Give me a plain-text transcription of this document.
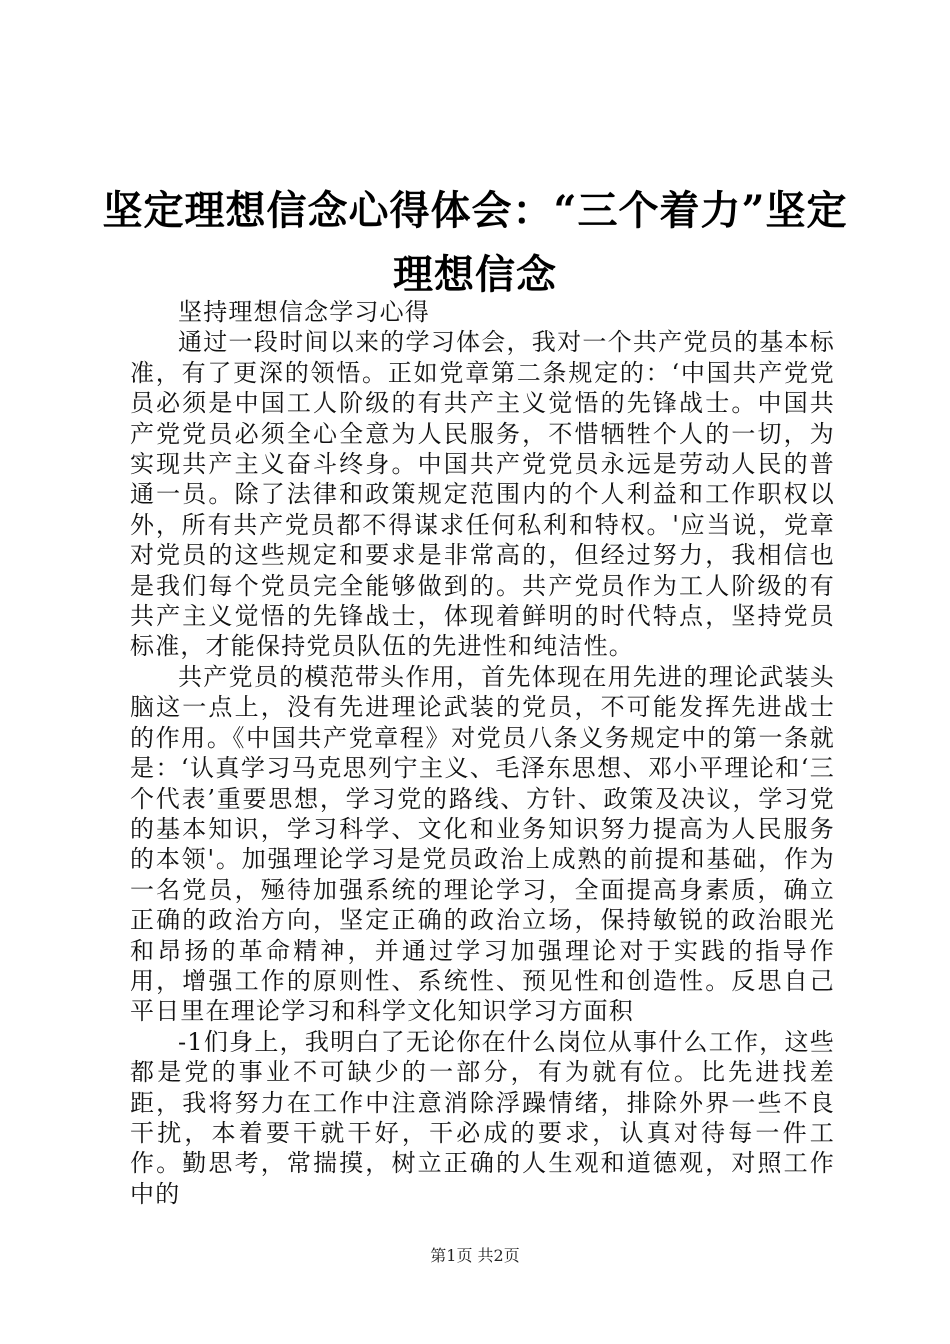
坚定理想信念心得体会：“三个着力”坚定理想信念

坚持理想信念学习心得

通过一段时间以来的学习体会，我对一个共产党员的基本标准，有了更深的领悟。正如党章第二条规定的：‘中国共产党党员必须是中国工人阶级的有共产主义觉悟的先锋战士。中国共产党党员必须全心全意为人民服务，不惜牺牲个人的一切，为实现共产主义奋斗终身。中国共产党党员永远是劳动人民的普通一员。除了法律和政策规定范围内的个人利益和工作职权以外，所有共产党员都不得谋求任何私利和特权。'应当说，党章对党员的这些规定和要求是非常高的，但经过努力，我相信也是我们每个党员完全能够做到的。共产党员作为工人阶级的有共产主义觉悟的先锋战士，体现着鲜明的时代特点，坚持党员标准，才能保持党员队伍的先进性和纯洁性。

共产党员的模范带头作用，首先体现在用先进的理论武装头脑这一点上，没有先进理论武装的党员，不可能发挥先进战士的作用。《中国共产党章程》对党员八条义务规定中的第一条就是：‘认真学习马克思列宁主义、毛泽东思想、邓小平理论和‘三个代表’重要思想，学习党的路线、方针、政策及决议，学习党的基本知识，学习科学、文化和业务知识努力提高为人民服务的本领'。加强理论学习是党员政治上成熟的前提和基础，作为一名党员，殛待加强系统的理论学习，全面提高身素质，确立正确的政治方向，坚定正确的政治立场，保持敏锐的政治眼光和昂扬的革命精神，并通过学习加强理论对于实践的指导作用，增强工作的原则性、系统性、预见性和创造性。反思自己平日里在理论学习和科学文化知识学习方面积

-1们身上，我明白了无论你在什么岗位从事什么工作，这些都是党的事业不可缺少的一部分，有为就有位。比先进找差距，我将努力在工作中注意消除浮躁情绪，排除外界一些不良干扰，本着要干就干好，干必成的要求，认真对待每一件工作。勤思考，常揣摸，树立正确的人生观和道德观，对照工作中的

第1页 共2页
